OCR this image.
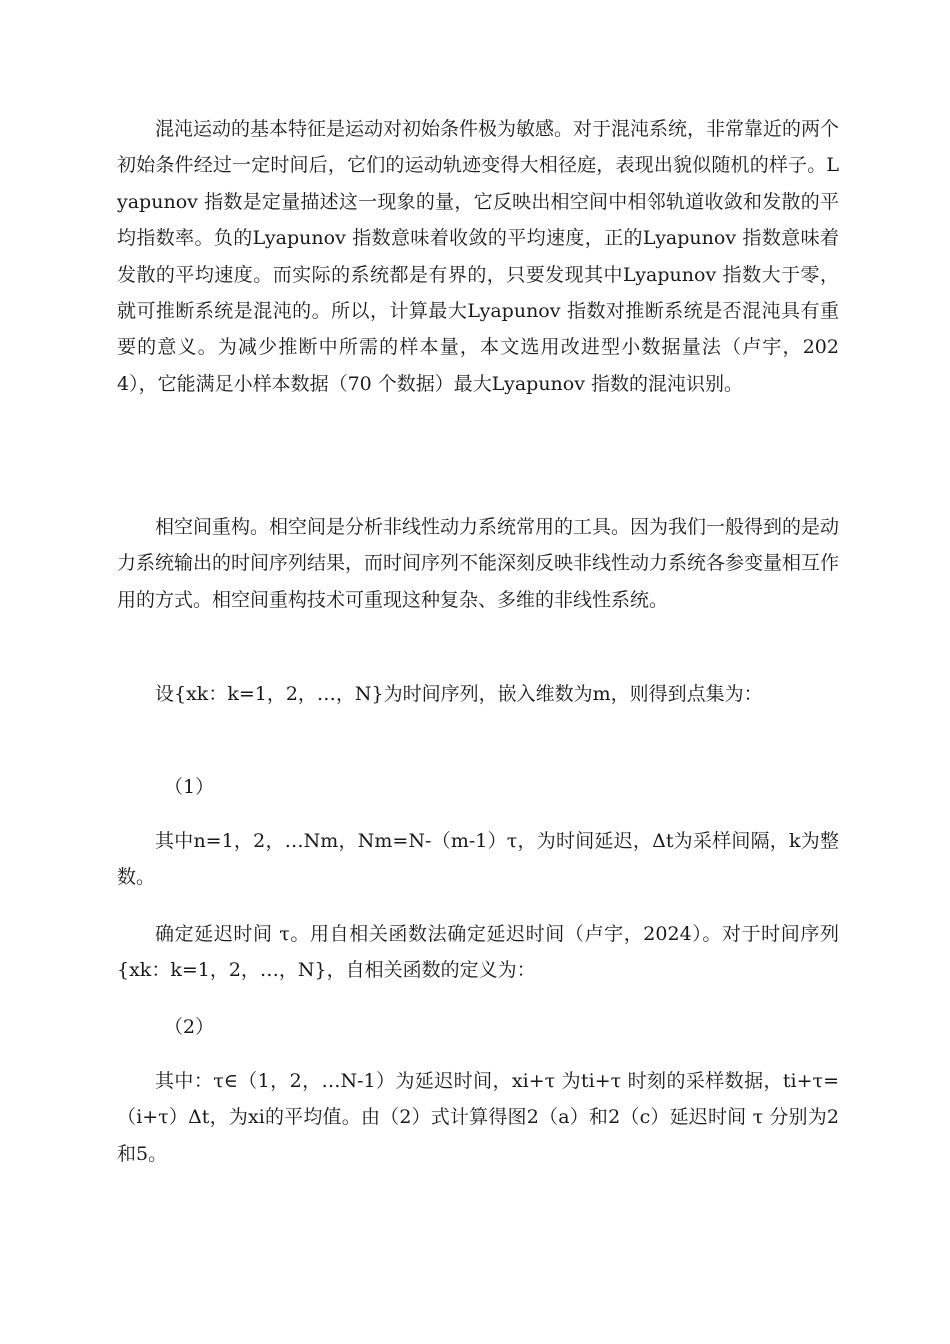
混沌运动的基本特征是运动对初始条件极为敏感。对于混沌系统，非常靠近的两个初始条件经过一定时间后，它们的运动轨迹变得大相径庭，表现出貌似随机的样子。Lyapunov 指数是定量描述这一现象的量，它反映出相空间中相邻轨道收敛和发散的平均指数率。负的Lyapunov 指数意味着收敛的平均速度，正的Lyapunov 指数意味着发散的平均速度。而实际的系统都是有界的，只要发现其中Lyapunov 指数大于零，就可推断系统是混沌的。所以，计算最大Lyapunov 指数对推断系统是否混沌具有重要的意义。为减少推断中所需的样本量，本文选用改进型小数据量法（卢宇，2024），它能满足小样本数据（70 个数据）最大Lyapunov 指数的混沌识别。

相空间重构。相空间是分析非线性动力系统常用的工具。因为我们一般得到的是动力系统输出的时间序列结果，而时间序列不能深刻反映非线性动力系统各参变量相互作用的方式。相空间重构技术可重现这种复杂、多维的非线性系统。

设{xk：k=1，2，…，N}为时间序列，嵌入维数为m，则得到点集为：

（1）

其中n=1，2，…Nm，Nm=N-（m-1）τ，为时间延迟，Δt为采样间隔，k为整数。

确定延迟时间 τ。用自相关函数法确定延迟时间（卢宇，2024）。对于时间序列{xk：k=1，2，…，N}，自相关函数的定义为：

（2）

其中：τ∈（1，2，…N-1）为延迟时间，xi+τ 为ti+τ 时刻的采样数据，ti+τ=（i+τ）Δt，为xi的平均值。由（2）式计算得图2（a）和2（c）延迟时间 τ 分别为2和5。
